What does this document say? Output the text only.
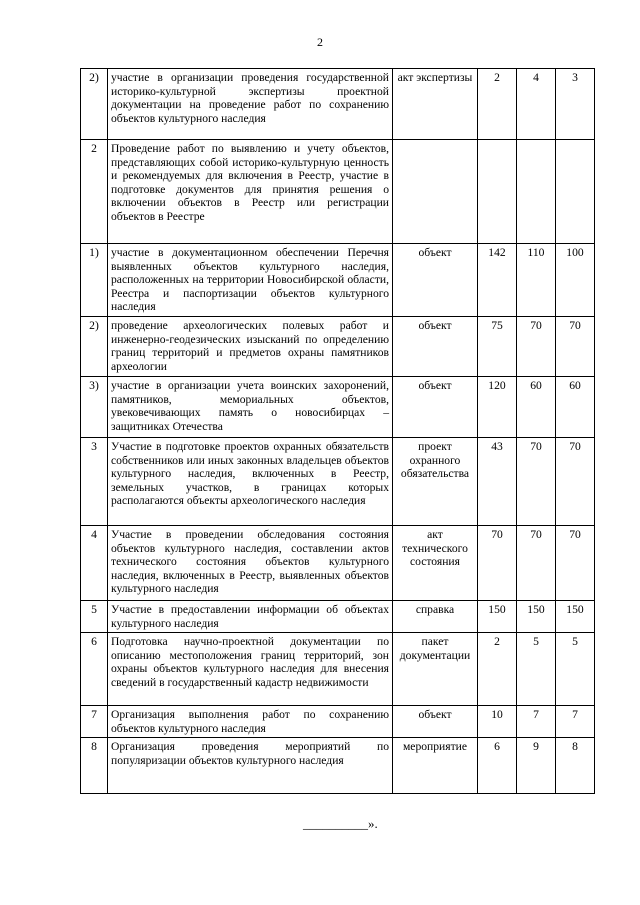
2
2)	участие в организации проведения государственной историко-культурной экспертизы проектной документации на проведение работ по сохранению объектов культурного наследия	акт экспертизы	2	4	3
2	Проведение работ по выявлению и учету объектов, представляющих собой историко-культурную ценность и рекомендуемых для включения в Реестр, участие в подготовке документов для принятия решения о включении объектов в Реестр или регистрации объектов в Реестре				
1)	участие в документационном обеспечении Перечня выявленных объектов культурного наследия, расположенных на территории Новосибирской области, Реестра и паспортизации объектов культурного наследия	объект	142	110	100
2)	проведение археологических полевых работ и инженерно-геодезических изысканий по определению границ территорий и предметов охраны памятников археологии	объект	75	70	70
3)	участие в организации учета воинских захоронений, памятников, мемориальных объектов, увековечивающих память о новосибирцах – защитниках Отечества	объект	120	60	60
3	Участие в подготовке проектов охранных обязательств собственников или иных законных владельцев объектов культурного наследия, включенных в Реестр, земельных участков, в границах которых располагаются объекты археологического наследия	проект охранного обязательства	43	70	70
4	Участие в проведении обследования состояния объектов культурного наследия, составлении актов технического состояния объектов культурного наследия, включенных в Реестр, выявленных объектов культурного наследия	акт технического состояния	70	70	70
5	Участие в предоставлении информации об объектах культурного наследия	справка	150	150	150
6	Подготовка научно-проектной документации по описанию местоположения границ территорий, зон охраны объектов культурного наследия для внесения сведений в государственный кадастр недвижимости	пакет документации	2	5	5
7	Организация выполнения работ по сохранению объектов культурного наследия	объект	10	7	7
8	Организация проведения мероприятий по популяризации объектов культурного наследия	мероприятие	6	9	8
__________».
